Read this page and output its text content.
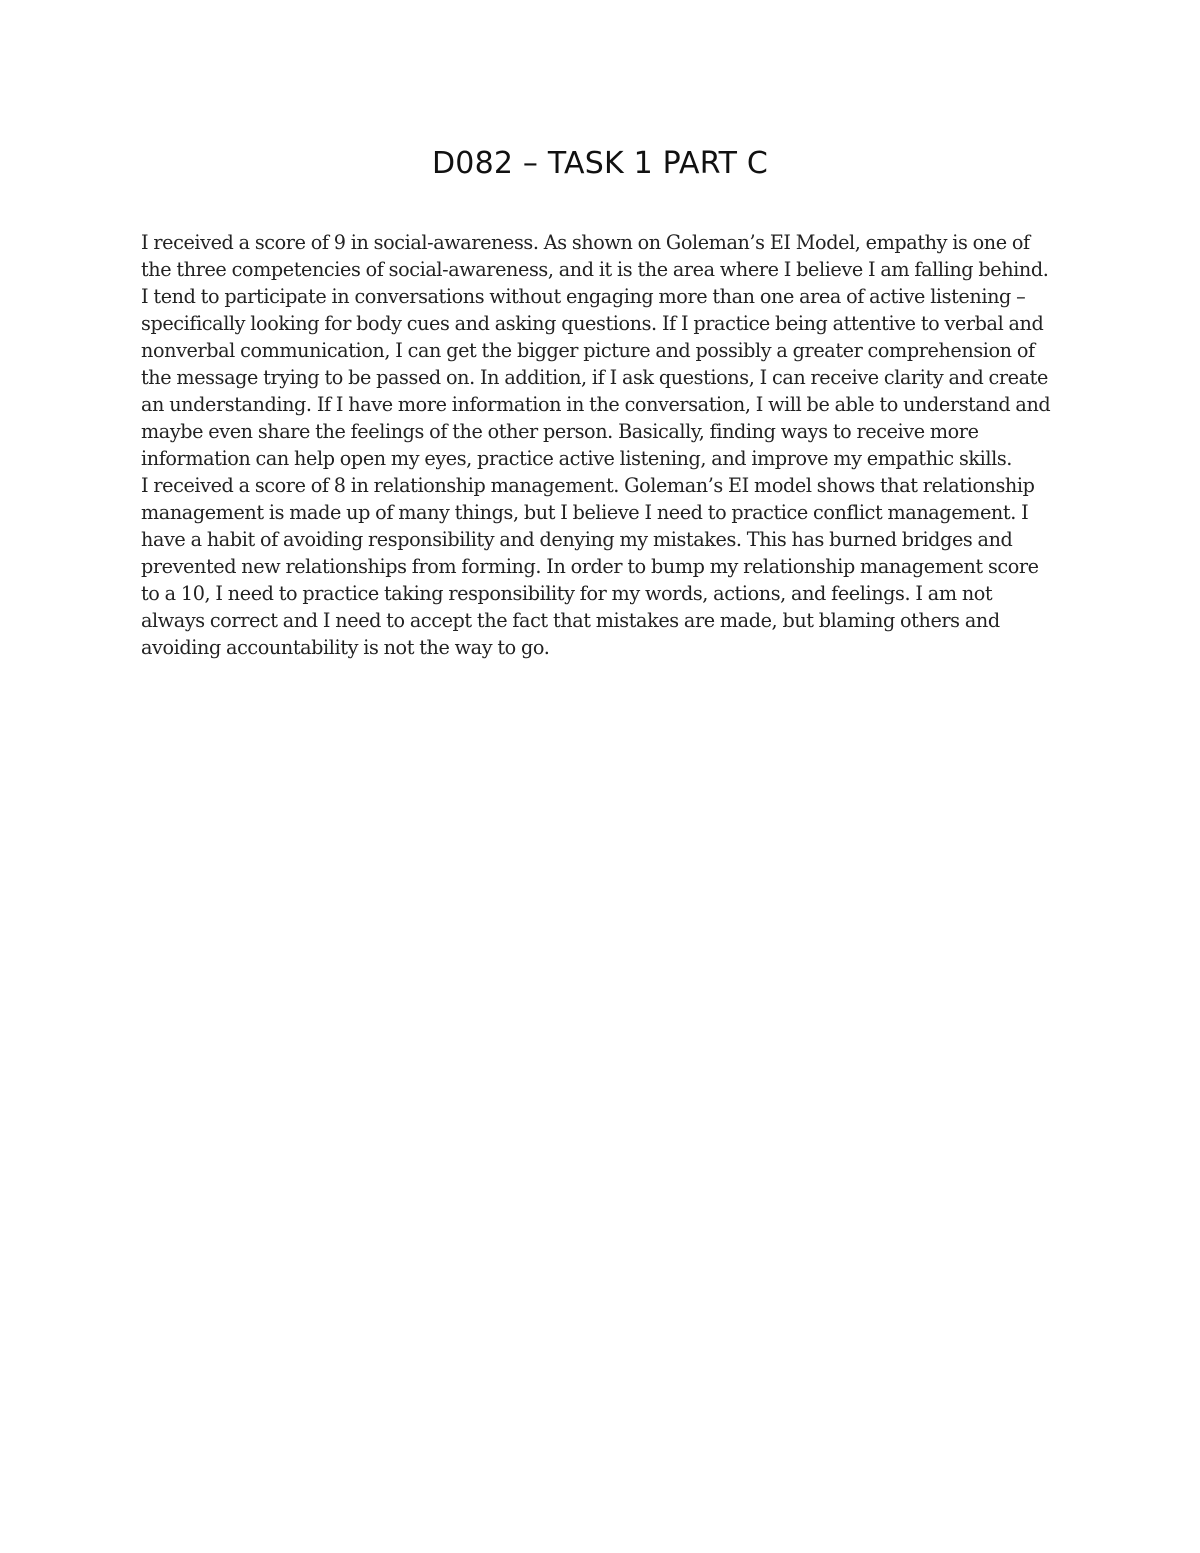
D082 – TASK 1 PART C
I received a score of 9 in social-awareness. As shown on Goleman’s EI Model, empathy is one of
the three competencies of social-awareness, and it is the area where I believe I am falling behind.
I tend to participate in conversations without engaging more than one area of active listening –
specifically looking for body cues and asking questions. If I practice being attentive to verbal and
nonverbal communication, I can get the bigger picture and possibly a greater comprehension of
the message trying to be passed on. In addition, if I ask questions, I can receive clarity and create
an understanding. If I have more information in the conversation, I will be able to understand and
maybe even share the feelings of the other person. Basically, finding ways to receive more
information can help open my eyes, practice active listening, and improve my empathic skills.
I received a score of 8 in relationship management. Goleman’s EI model shows that relationship
management is made up of many things, but I believe I need to practice conflict management. I
have a habit of avoiding responsibility and denying my mistakes. This has burned bridges and
prevented new relationships from forming. In order to bump my relationship management score
to a 10, I need to practice taking responsibility for my words, actions, and feelings. I am not
always correct and I need to accept the fact that mistakes are made, but blaming others and
avoiding accountability is not the way to go.
